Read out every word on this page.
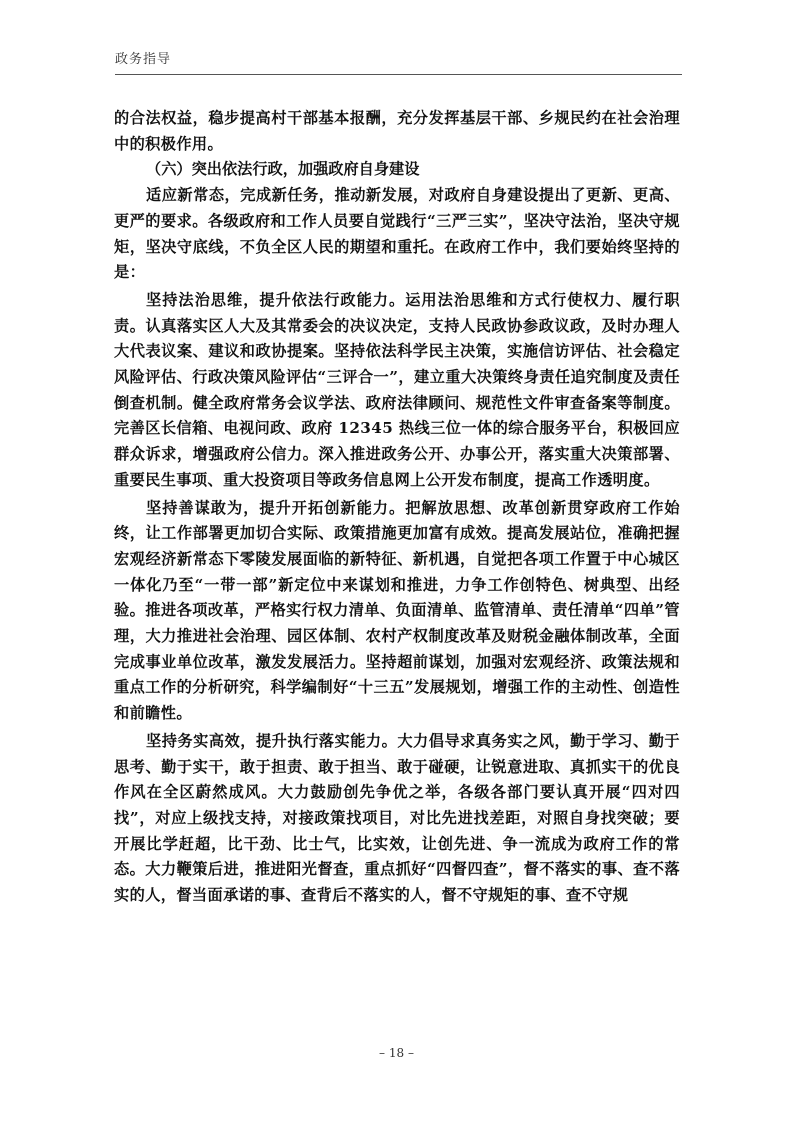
政务指导

的合法权益，稳步提高村干部基本报酬，充分发挥基层干部、乡规民约在社会治理中的积极作用。

（六）突出依法行政，加强政府自身建设

适应新常态，完成新任务，推动新发展，对政府自身建设提出了更新、更高、更严的要求。各级政府和工作人员要自觉践行“三严三实”，坚决守法治，坚决守规矩，坚决守底线，不负全区人民的期望和重托。在政府工作中，我们要始终坚持的是：

坚持法治思维，提升依法行政能力。运用法治思维和方式行使权力、履行职责。认真落实区人大及其常委会的决议决定，支持人民政协参政议政，及时办理人大代表议案、建议和政协提案。坚持依法科学民主决策，实施信访评估、社会稳定风险评估、行政决策风险评估“三评合一”，建立重大决策终身责任追究制度及责任倒查机制。健全政府常务会议学法、政府法律顾问、规范性文件审查备案等制度。完善区长信箱、电视问政、政府 12345 热线三位一体的综合服务平台，积极回应群众诉求，增强政府公信力。深入推进政务公开、办事公开，落实重大决策部署、重要民生事项、重大投资项目等政务信息网上公开发布制度，提高工作透明度。

坚持善谋敢为，提升开拓创新能力。把解放思想、改革创新贯穿政府工作始终，让工作部署更加切合实际、政策措施更加富有成效。提高发展站位，准确把握宏观经济新常态下零陵发展面临的新特征、新机遇，自觉把各项工作置于中心城区一体化乃至“一带一部”新定位中来谋划和推进，力争工作创特色、树典型、出经验。推进各项改革，严格实行权力清单、负面清单、监管清单、责任清单“四单”管理，大力推进社会治理、园区体制、农村产权制度改革及财税金融体制改革，全面完成事业单位改革，激发发展活力。坚持超前谋划，加强对宏观经济、政策法规和重点工作的分析研究，科学编制好“十三五”发展规划，增强工作的主动性、创造性和前瞻性。

坚持务实高效，提升执行落实能力。大力倡导求真务实之风，勤于学习、勤于思考、勤于实干，敢于担责、敢于担当、敢于碰硬，让锐意进取、真抓实干的优良作风在全区蔚然成风。大力鼓励创先争优之举，各级各部门要认真开展“四对四找”，对应上级找支持，对接政策找项目，对比先进找差距，对照自身找突破；要开展比学赶超，比干劲、比士气，比实效，让创先进、争一流成为政府工作的常态。大力鞭策后进，推进阳光督查，重点抓好“四督四查”，督不落实的事、查不落实的人，督当面承诺的事、查背后不落实的人，督不守规矩的事、查不守规

– 18 –
